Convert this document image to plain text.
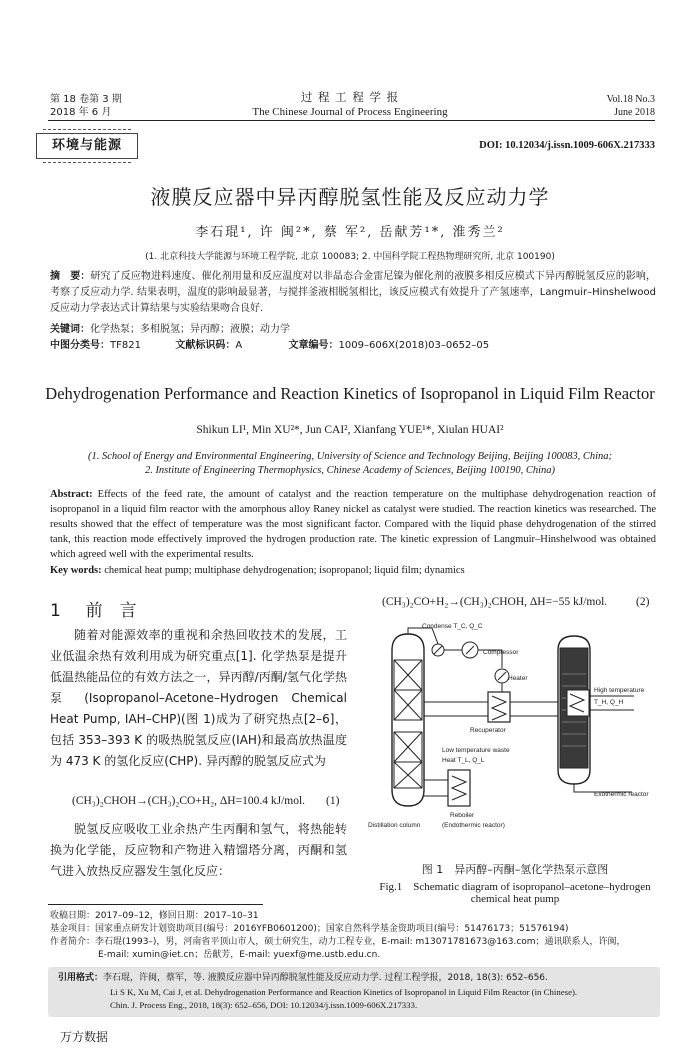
第 18 卷第 3 期
2018 年 6 月
过 程 工 程 学 报
The Chinese Journal of Process Engineering
Vol.18 No.3
June 2018
环境与能源	DOI: 10.12034/j.issn.1009-606X.217333
液膜反应器中异丙醇脱氢性能及反应动力学
李石琨¹, 许 闽²*, 蔡 军², 岳献芳¹*, 淮秀兰²
(1. 北京科技大学能源与环境工程学院, 北京 100083; 2. 中国科学院工程热物理研究所, 北京 100190)
摘　要：研究了反应物进料速度、催化剂用量和反应温度对以非晶态合金雷尼镍为催化剂的液膜多相反应模式下异丙醇脱氢反应的影响，考察了反应动力学. 结果表明，温度的影响最显著，与搅拌釜液相脱氢相比，该反应模式有效提升了产氢速率，Langmuir–Hinshelwood 反应动力学表达式计算结果与实验结果吻合良好.
关键词：化学热泵；多相脱氢；异丙醇；液膜；动力学
中图分类号：TF821	文献标识码：A	文章编号：1009–606X(2018)03–0652–05
Dehydrogenation Performance and Reaction Kinetics of Isopropanol in Liquid Film Reactor
Shikun LI¹, Min XU²*, Jun CAI², Xianfang YUE¹*, Xiulan HUAI²
(1. School of Energy and Environmental Engineering, University of Science and Technology Beijing, Beijing 100083, China;
2. Institute of Engineering Thermophysics, Chinese Academy of Sciences, Beijing 100190, China)
Abstract: Effects of the feed rate, the amount of catalyst and the reaction temperature on the multiphase dehydrogenation reaction of isopropanol in a liquid film reactor with the amorphous alloy Raney nickel as catalyst were studied. The reaction kinetics was researched. The results showed that the effect of temperature was the most significant factor. Compared with the liquid phase dehydrogenation of the stirred tank, this reaction mode effectively improved the hydrogen production rate. The kinetic expression of Langmuir–Hinshelwood was obtained which agreed well with the experimental results.
Key words: chemical heat pump; multiphase dehydrogenation; isopropanol; liquid film; dynamics
1 前　言
随着对能源效率的重视和余热回收技术的发展，工业低温余热有效利用成为研究重点[1]. 化学热泵是提升低温热能品位的有效方法之一，异丙醇/丙酮/氢气化学热泵 (Isopropanol–Acetone–Hydrogen Chemical Heat Pump, IAH–CHP)(图 1)成为了研究热点[2–6]，包括 353–393 K 的吸热脱氢反应(IAH)和最高放热温度为 473 K 的氢化反应(CHP). 异丙醇的脱氢反应式为
(CH₃)₂CHOH→(CH₃)₂CO+H₂, ΔH=100.4 kJ/mol. (1)
脱氢反应吸收工业余热产生丙酮和氢气，将热能转换为化学能，反应物和产物进入精馏塔分离，丙酮和氢气进入放热反应器发生氢化反应：
(CH₃)₂CO+H₂→(CH₃)₂CHOH, ΔH=−55 kJ/mol.	(2)
Condense T_C, Q_C
Compressor
Heater
Recuperator
Low temperature waste
Heat T_L, Q_L
High temperature
T_H, Q_H
Exothermic reactor
Reboiler
(Endothermic reactor)
Distillation column
图 1　异丙醇–丙酮–氢化学热泵示意图
Fig.1　Schematic diagram of isopropanol–acetone–hydrogen
chemical heat pump
收稿日期：2017–09–12，修回日期：2017–10–31
基金项目：国家重点研发计划资助项目(编号：2016YFB0601200)；国家自然科学基金资助项目(编号：51476173；51576194)
作者简介：李石琨(1993–)，男，河南省平顶山市人，硕士研究生，动力工程专业，E-mail: m13071781673@163.com；通讯联系人，许闽，
E-mail: xumin@iet.cn；岳献芳，E-mail: yuexf@me.ustb.edu.cn.
引用格式：李石琨，许闽，蔡军，等. 液膜反应器中异丙醇脱氢性能及反应动力学. 过程工程学报，2018, 18(3): 652–656.
Li S K, Xu M, Cai J, et al. Dehydrogenation Performance and Reaction Kinetics of Isopropanol in Liquid Film Reactor (in Chinese).
Chin. J. Process Eng., 2018, 18(3): 652–656, DOI: 10.12034/j.issn.1009-606X.217333.
万方数据
